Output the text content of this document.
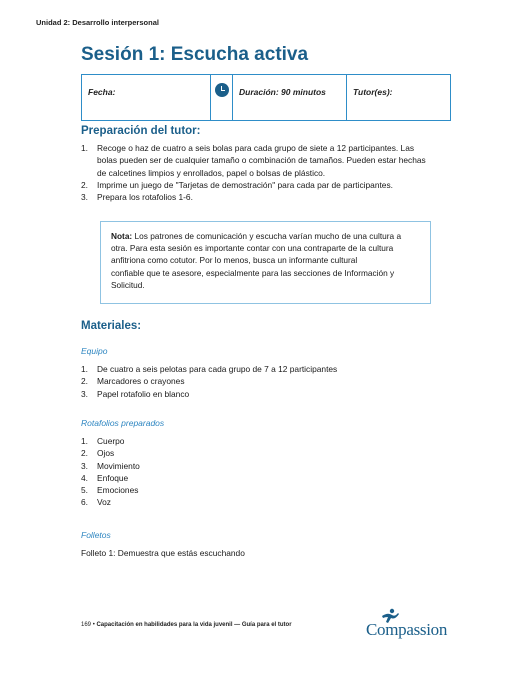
Unidad 2: Desarrollo interpersonal
Sesión 1: Escucha activa
Fecha:	Duración: 90 minutos	Tutor(es):
Preparación del tutor:
1. Recoge o haz de cuatro a seis bolas para cada grupo de siete a 12 participantes. Las
bolas pueden ser de cualquier tamaño o combinación de tamaños. Pueden estar hechas
de calcetines limpios y enrollados, papel o bolsas de plástico.
2. Imprime un juego de "Tarjetas de demostración" para cada par de participantes.
3. Prepara los rotafolios 1-6.
Nota: Los patrones de comunicación y escucha varían mucho de una cultura a
otra. Para esta sesión es importante contar con una contraparte de la cultura
anfitriona como cotutor. Por lo menos, busca un informante cultural
confiable que te asesore, especialmente para las secciones de Información y
Solicitud.
Materiales:
Equipo
1. De cuatro a seis pelotas para cada grupo de 7 a 12 participantes
2. Marcadores o crayones
3. Papel rotafolio en blanco
Rotafolios preparados
1. Cuerpo
2. Ojos
3. Movimiento
4. Enfoque
5. Emociones
6. Voz
Folletos
Folleto 1: Demuestra que estás escuchando
169 • Capacitación en habilidades para la vida juvenil — Guía para el tutor	Compassion
